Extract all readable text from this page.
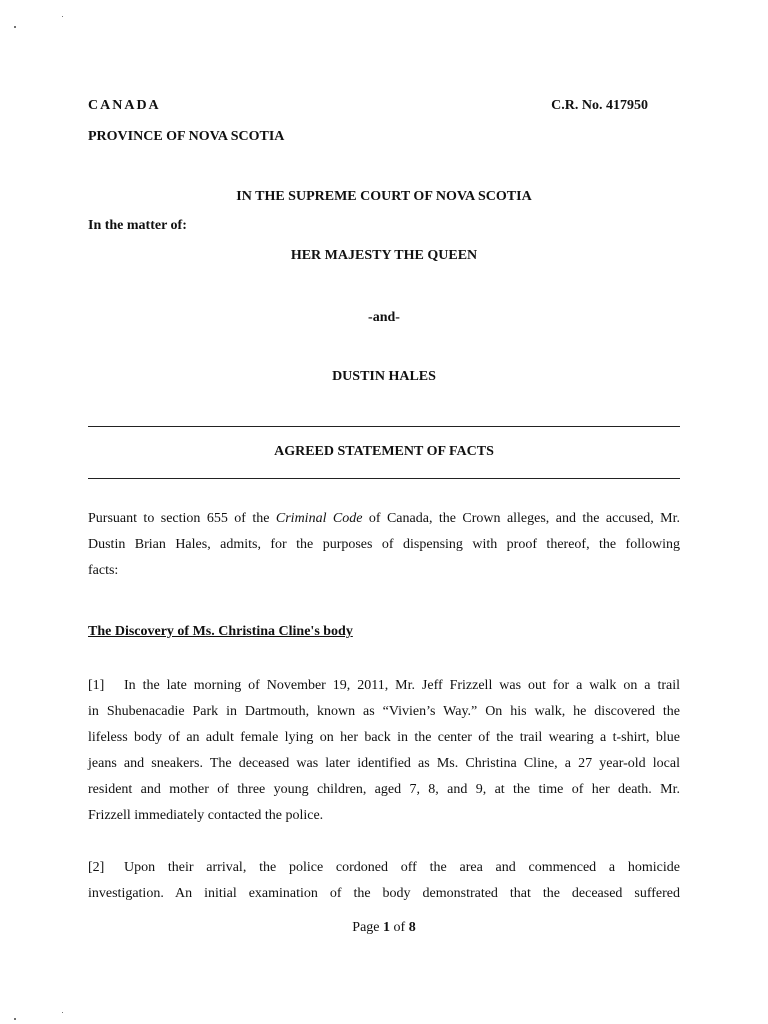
CANADA	C.R. No. 417950
PROVINCE OF NOVA SCOTIA
IN THE SUPREME COURT OF NOVA SCOTIA
In the matter of:
HER MAJESTY THE QUEEN
-and-
DUSTIN HALES
AGREED STATEMENT OF FACTS
Pursuant to section 655 of the Criminal Code of Canada, the Crown alleges, and the accused, Mr.
Dustin Brian Hales, admits, for the purposes of dispensing with proof thereof, the following
facts:
The Discovery of Ms. Christina Cline's body
[1] In the late morning of November 19, 2011, Mr. Jeff Frizzell was out for a walk on a trail
in Shubenacadie Park in Dartmouth, known as “Vivien’s Way.” On his walk, he discovered the
lifeless body of an adult female lying on her back in the center of the trail wearing a t-shirt, blue
jeans and sneakers. The deceased was later identified as Ms. Christina Cline, a 27 year-old local
resident and mother of three young children, aged 7, 8, and 9, at the time of her death. Mr.
Frizzell immediately contacted the police.
[2] Upon their arrival, the police cordoned off the area and commenced a homicide
investigation. An initial examination of the body demonstrated that the deceased suffered
Page 1 of 8
